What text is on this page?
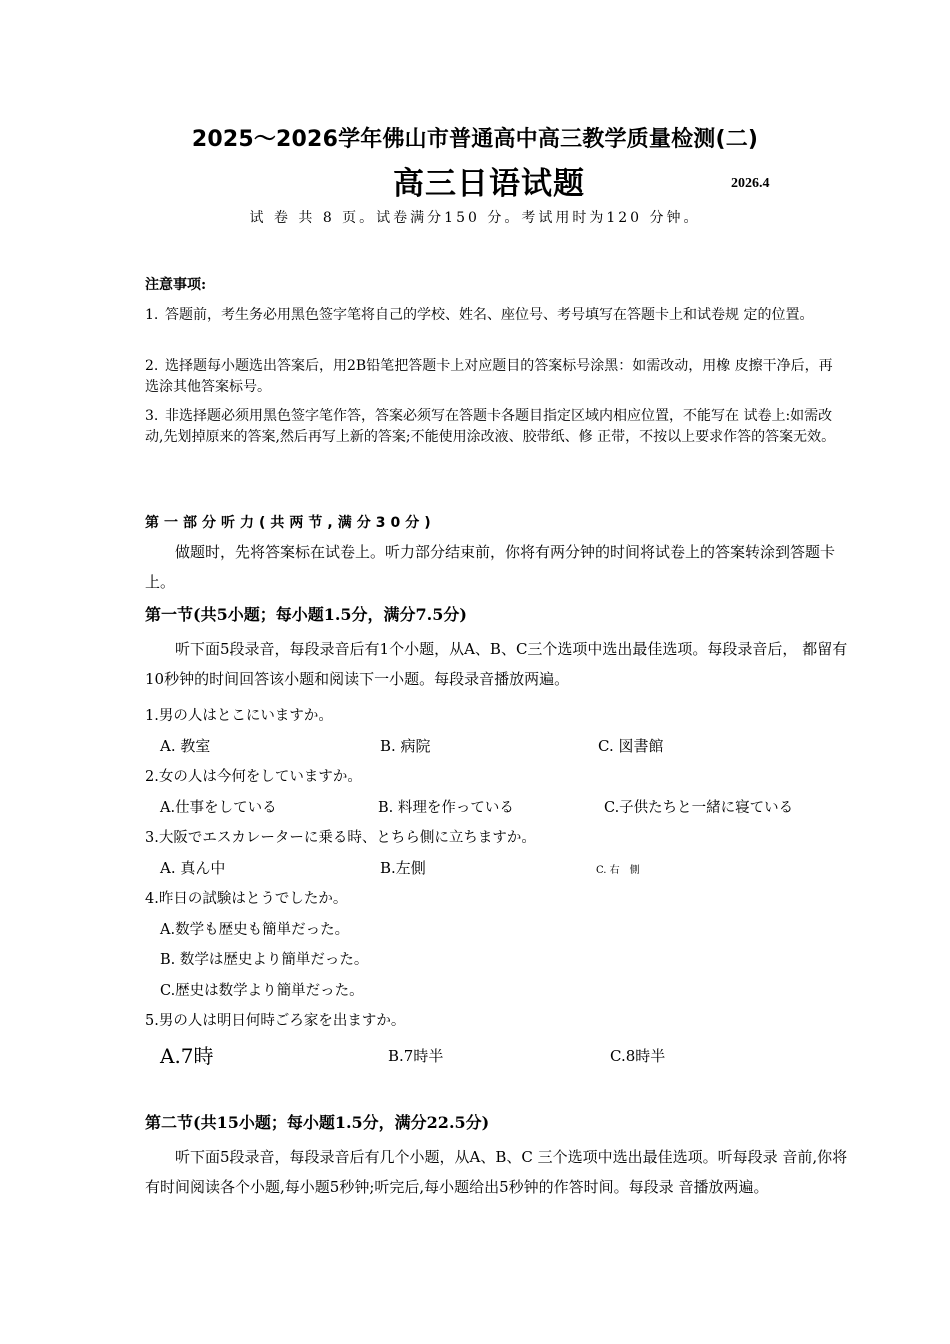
2025～2026学年佛山市普通高中高三教学质量检测(二)
高三日语试题	2026.4
试 卷 共 8 页。试卷满分150 分。考试用时为120 分钟。
注意事项:
1. 答题前，考生务必用黑色签字笔将自己的学校、姓名、座位号、考号填写在答题卡上和试卷规 定的位置。
2. 选择题每小题选出答案后，用2B铅笔把答题卡上对应题目的答案标号涂黑：如需改动，用橡 皮擦干净后，再选涂其他答案标号。
3. 非选择题必须用黑色签字笔作答，答案必须写在答题卡各题目指定区域内相应位置，不能写在 试卷上:如需改动,先划掉原来的答案,然后再写上新的答案;不能使用涂改液、胶带纸、修 正带，不按以上要求作答的答案无效。
第一部分听力(共两节,满分30分)
做题时，先将答案标在试卷上。听力部分结束前，你将有两分钟的时间将试卷上的答案转涂到答题卡上。
第一节(共5小题；每小题1.5分，满分7.5分)
听下面5段录音，每段录音后有1个小题，从A、B、C三个选项中选出最佳选项。每段录音后， 都留有10秒钟的时间回答该小题和阅读下一小题。每段录音播放两遍。
1.男の人はとこにいますか。
A. 教室	B. 病院	C. 図書館
2.女の人は今何をしていますか。
A.仕事をしている	B. 料理を作っている	C.子供たちと一緒に寝ている
3.大阪でエスカレーターに乗る時、とちら側に立ちますか。
A. 真ん中	B.左側	C. 右　側
4.昨日の試験はとうでしたか。
A.数学も歴史も簡単だった。
B. 数学は歴史より簡単だった。
C.歴史は数学より簡単だった。
5.男の人は明日何時ごろ家を出ますか。
A.7時	B.7時半	C.8時半
第二节(共15小题；每小题1.5分，满分22.5分)
听下面5段录音，每段录音后有几个小题，从A、B、C 三个选项中选出最佳选项。听每段录 音前,你将有时间阅读各个小题,每小题5秒钟;听完后,每小题给出5秒钟的作答时间。每段录 音播放两遍。
